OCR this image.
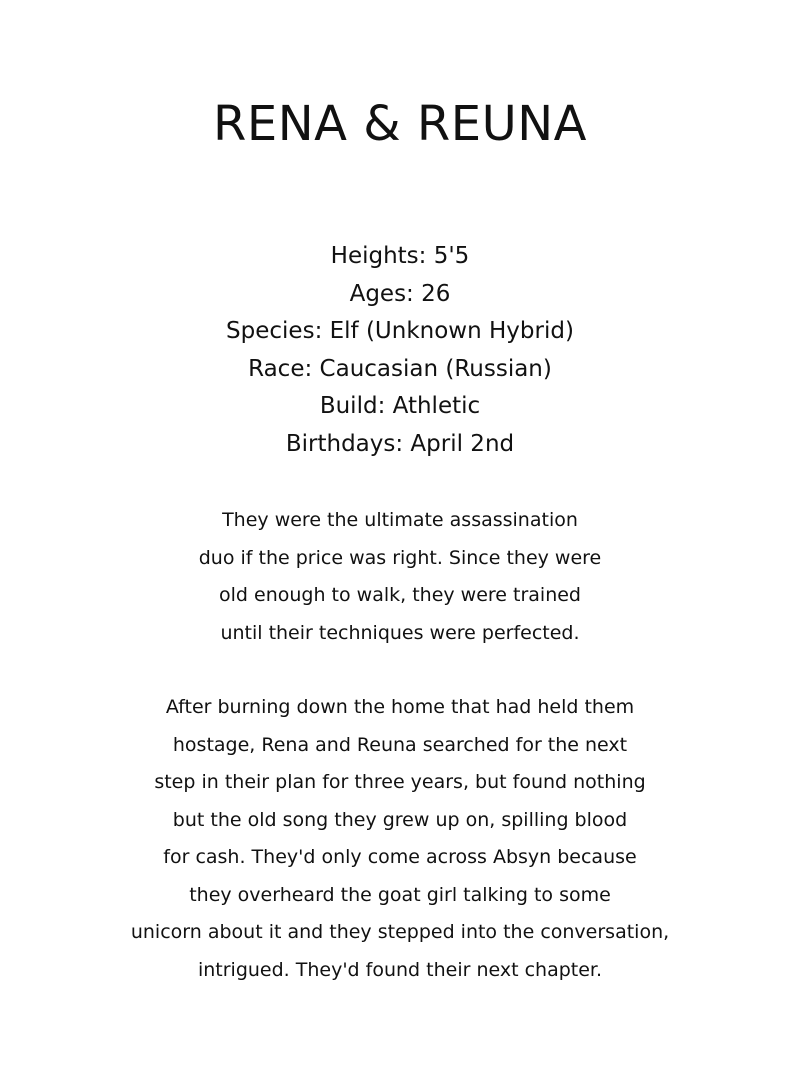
RENA & REUNA
Heights: 5'5
Ages: 26
Species: Elf (Unknown Hybrid)
Race: Caucasian (Russian)
Build: Athletic
Birthdays: April 2nd
They were the ultimate assassination
duo if the price was right. Since they were
old enough to walk, they were trained
until their techniques were perfected.
After burning down the home that had held them
hostage, Rena and Reuna searched for the next
step in their plan for three years, but found nothing
but the old song they grew up on, spilling blood
for cash. They'd only come across Absyn because
they overheard the goat girl talking to some
unicorn about it and they stepped into the conversation,
intrigued. They'd found their next chapter.
